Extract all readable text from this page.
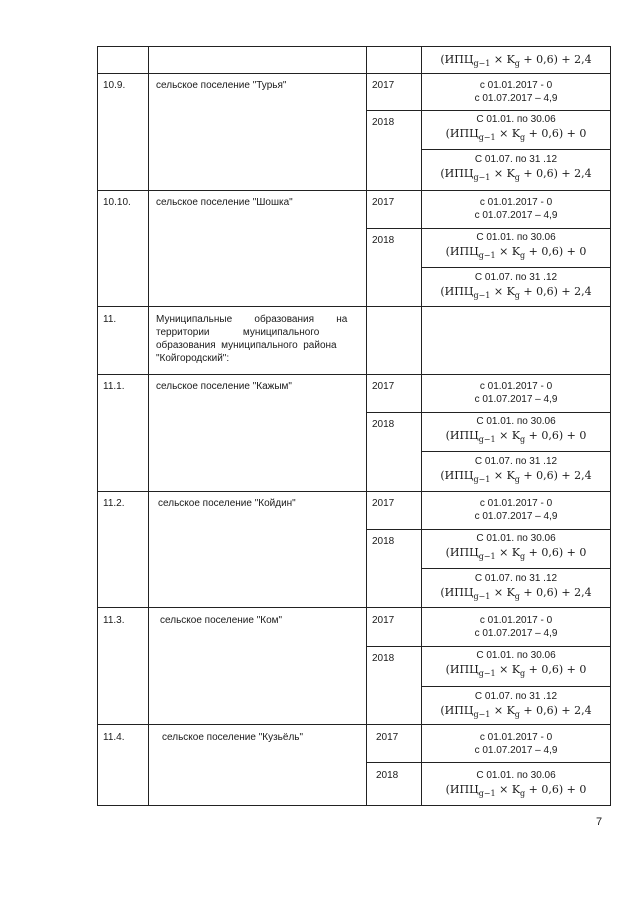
$(ИПЦ_{g-1} \times K_g + 0,6) + 2,4$
10.9.	сельское поселение "Турья"	2017	с 01.01.2017 - 0
с 01.07.2017 – 4,9
2018	С 01.01. по 30.06
$(ИПЦ_{g-1} \times K_g + 0,6) + 0$
С 01.07. по 31 .12
$(ИПЦ_{g-1} \times K_g + 0,6) + 2,4$
10.10.	сельское поселение "Шошка"	2017	с 01.01.2017 - 0
с 01.07.2017 – 4,9
2018	С 01.01. по 30.06
$(ИПЦ_{g-1} \times K_g + 0,6) + 0$
С 01.07. по 31 .12
$(ИПЦ_{g-1} \times K_g + 0,6) + 2,4$
11.	Муниципальные        образования        на
территории            муниципального
образования  муниципального  района
"Койгородский":
11.1.	сельское поселение "Кажым"	2017	с 01.01.2017 - 0
с 01.07.2017 – 4,9
2018	С 01.01. по 30.06
$(ИПЦ_{g-1} \times K_g + 0,6) + 0$
С 01.07. по 31 .12
$(ИПЦ_{g-1} \times K_g + 0,6) + 2,4$
11.2.	сельское поселение "Койдин"	2017	с 01.01.2017 - 0
с 01.07.2017 – 4,9
2018	С 01.01. по 30.06
$(ИПЦ_{g-1} \times K_g + 0,6) + 0$
С 01.07. по 31 .12
$(ИПЦ_{g-1} \times K_g + 0,6) + 2,4$
11.3.	сельское поселение "Ком"	2017	с 01.01.2017 - 0
с 01.07.2017 – 4,9
2018	С 01.01. по 30.06
$(ИПЦ_{g-1} \times K_g + 0,6) + 0$
С 01.07. по 31 .12
$(ИПЦ_{g-1} \times K_g + 0,6) + 2,4$
11.4.	сельское поселение "Кузьёль"	2017	с 01.01.2017 - 0
с 01.07.2017 – 4,9
2018	С 01.01. по 30.06
$(ИПЦ_{g-1} \times K_g + 0,6) + 0$
7
